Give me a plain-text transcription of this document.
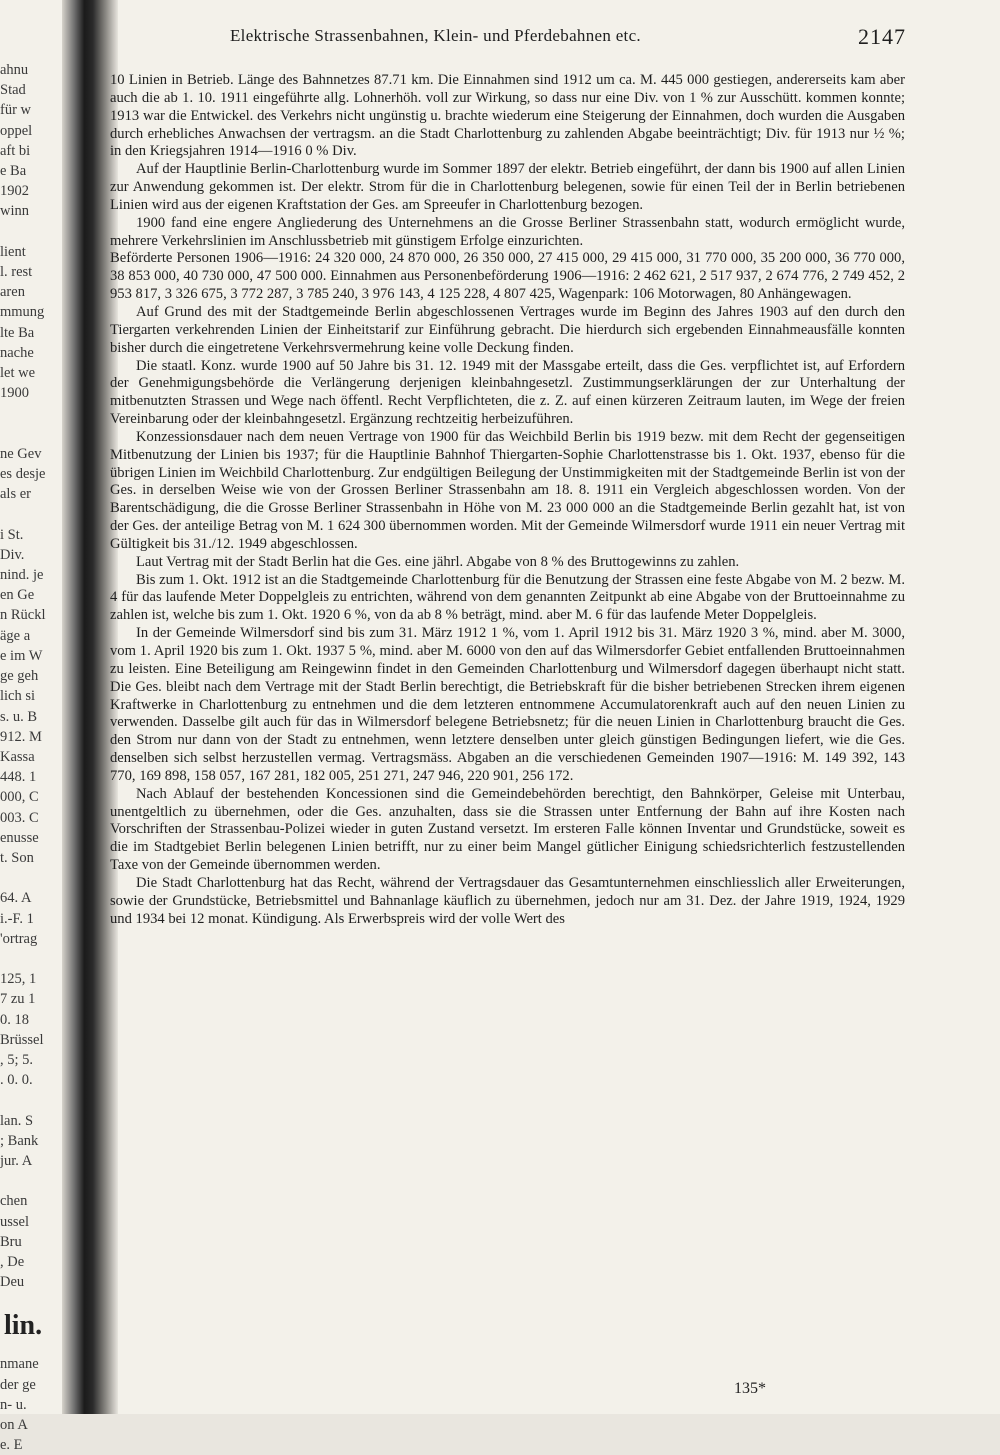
ahnu
Stad
für w
oppel
aft bi
e Ba
1902
winn

lient
l. rest
aren
mmung
lte Ba
nache
let we
1900

ne Gev
es desje
als er

i St.
Div.
nind. je
en Ge
n Rückl
äge a
e im W
ge geh
lich si
s. u. B
912. M
Kassa
448. 1
000, C
003. C
enusse
t. Son

64. A
i.-F. 1
'ortrag

125, 1
7 zu 1
0. 18
Brüssel
, 5; 5.
. 0. 0.

lan. S
; Bank
jur. A

chen
ussel
Bru
, De
Deu
lin.
nmane
der ge
n- u.
on A
e. E
Elektrische Strassenbahnen, Klein- und Pferdebahnen etc.	2147

10 Linien in Betrieb. Länge des Bahnnetzes 87.71 km. Die Einnahmen sind 1912 um ca. M. 445 000 gestiegen, andererseits kam aber auch die ab 1. 10. 1911 eingeführte allg. Lohnerhöh. voll zur Wirkung, so dass nur eine Div. von 1 % zur Ausschütt. kommen konnte; 1913 war die Entwickel. des Verkehrs nicht ungünstig u. brachte wiederum eine Steigerung der Einnahmen, doch wurden die Ausgaben durch erhebliches Anwachsen der vertragsm. an die Stadt Charlottenburg zu zahlenden Abgabe beeinträchtigt; Div. für 1913 nur ½ %; in den Kriegsjahren 1914—1916 0 % Div.

Auf der Hauptlinie Berlin-Charlottenburg wurde im Sommer 1897 der elektr. Betrieb eingeführt, der dann bis 1900 auf allen Linien zur Anwendung gekommen ist. Der elektr. Strom für die in Charlottenburg belegenen, sowie für einen Teil der in Berlin betriebenen Linien wird aus der eigenen Kraftstation der Ges. am Spreeufer in Charlottenburg bezogen.

1900 fand eine engere Angliederung des Unternehmens an die Grosse Berliner Strassenbahn statt, wodurch ermöglicht wurde, mehrere Verkehrslinien im Anschlussbetrieb mit günstigem Erfolge einzurichten.

Beförderte Personen 1906—1916: 24 320 000, 24 870 000, 26 350 000, 27 415 000, 29 415 000, 31 770 000, 35 200 000, 36 770 000, 38 853 000, 40 730 000, 47 500 000. Einnahmen aus Personenbeförderung 1906—1916: 2 462 621, 2 517 937, 2 674 776, 2 749 452, 2 953 817, 3 326 675, 3 772 287, 3 785 240, 3 976 143, 4 125 228, 4 807 425, Wagenpark: 106 Motorwagen, 80 Anhängewagen.

Auf Grund des mit der Stadtgemeinde Berlin abgeschlossenen Vertrages wurde im Beginn des Jahres 1903 auf den durch den Tiergarten verkehrenden Linien der Einheitstarif zur Einführung gebracht. Die hierdurch sich ergebenden Einnahmeausfälle konnten bisher durch die eingetretene Verkehrsvermehrung keine volle Deckung finden.

Die staatl. Konz. wurde 1900 auf 50 Jahre bis 31. 12. 1949 mit der Massgabe erteilt, dass die Ges. verpflichtet ist, auf Erfordern der Genehmigungsbehörde die Verlängerung derjenigen kleinbahngesetzl. Zustimmungserklärungen der zur Unterhaltung der mitbenutzten Strassen und Wege nach öffentl. Recht Verpflichteten, die z. Z. auf einen kürzeren Zeitraum lauten, im Wege der freien Vereinbarung oder der kleinbahngesetzl. Ergänzung rechtzeitig herbeizuführen.

Konzessionsdauer nach dem neuen Vertrage von 1900 für das Weichbild Berlin bis 1919 bezw. mit dem Recht der gegenseitigen Mitbenutzung der Linien bis 1937; für die Hauptlinie Bahnhof Thiergarten-Sophie Charlottenstrasse bis 1. Okt. 1937, ebenso für die übrigen Linien im Weichbild Charlottenburg. Zur endgültigen Beilegung der Unstimmigkeiten mit der Stadtgemeinde Berlin ist von der Ges. in derselben Weise wie von der Grossen Berliner Strassenbahn am 18. 8. 1911 ein Vergleich abgeschlossen worden. Von der Barentschädigung, die die Grosse Berliner Strassenbahn in Höhe von M. 23 000 000 an die Stadtgemeinde Berlin gezahlt hat, ist von der Ges. der anteilige Betrag von M. 1 624 300 übernommen worden. Mit der Gemeinde Wilmersdorf wurde 1911 ein neuer Vertrag mit Gültigkeit bis 31./12. 1949 abgeschlossen.

Laut Vertrag mit der Stadt Berlin hat die Ges. eine jährl. Abgabe von 8 % des Bruttogewinns zu zahlen.

Bis zum 1. Okt. 1912 ist an die Stadtgemeinde Charlottenburg für die Benutzung der Strassen eine feste Abgabe von M. 2 bezw. M. 4 für das laufende Meter Doppelgleis zu entrichten, während von dem genannten Zeitpunkt ab eine Abgabe von der Bruttoeinnahme zu zahlen ist, welche bis zum 1. Okt. 1920 6 %, von da ab 8 % beträgt, mind. aber M. 6 für das laufende Meter Doppelgleis.

In der Gemeinde Wilmersdorf sind bis zum 31. März 1912 1 %, vom 1. April 1912 bis 31. März 1920 3 %, mind. aber M. 3000, vom 1. April 1920 bis zum 1. Okt. 1937 5 %, mind. aber M. 6000 von den auf das Wilmersdorfer Gebiet entfallenden Bruttoeinnahmen zu leisten. Eine Beteiligung am Reingewinn findet in den Gemeinden Charlottenburg und Wilmersdorf dagegen überhaupt nicht statt. Die Ges. bleibt nach dem Vertrage mit der Stadt Berlin berechtigt, die Betriebskraft für die bisher betriebenen Strecken ihrem eigenen Kraftwerke in Charlottenburg zu entnehmen und die dem letzteren entnommene Accumulatorenkraft auch auf den neuen Linien zu verwenden. Dasselbe gilt auch für das in Wilmersdorf belegene Betriebsnetz; für die neuen Linien in Charlottenburg braucht die Ges. den Strom nur dann von der Stadt zu entnehmen, wenn letztere denselben unter gleich günstigen Bedingungen liefert, wie die Ges. denselben sich selbst herzustellen vermag. Vertragsmäss. Abgaben an die verschiedenen Gemeinden 1907—1916: M. 149 392, 143 770, 169 898, 158 057, 167 281, 182 005, 251 271, 247 946, 220 901, 256 172.

Nach Ablauf der bestehenden Koncessionen sind die Gemeindebehörden berechtigt, den Bahnkörper, Geleise mit Unterbau, unentgeltlich zu übernehmen, oder die Ges. anzuhalten, dass sie die Strassen unter Entfernung der Bahn auf ihre Kosten nach Vorschriften der Strassenbau-Polizei wieder in guten Zustand versetzt. Im ersteren Falle können Inventar und Grundstücke, soweit es die im Stadtgebiet Berlin belegenen Linien betrifft, nur zu einer beim Mangel gütlicher Einigung schiedsrichterlich festzustellenden Taxe von der Gemeinde übernommen werden.

Die Stadt Charlottenburg hat das Recht, während der Vertragsdauer das Gesamtunternehmen einschliesslich aller Erweiterungen, sowie der Grundstücke, Betriebsmittel und Bahnanlage käuflich zu übernehmen, jedoch nur am 31. Dez. der Jahre 1919, 1924, 1929 und 1934 bei 12 monat. Kündigung. Als Erwerbspreis wird der volle Wert des

135*
